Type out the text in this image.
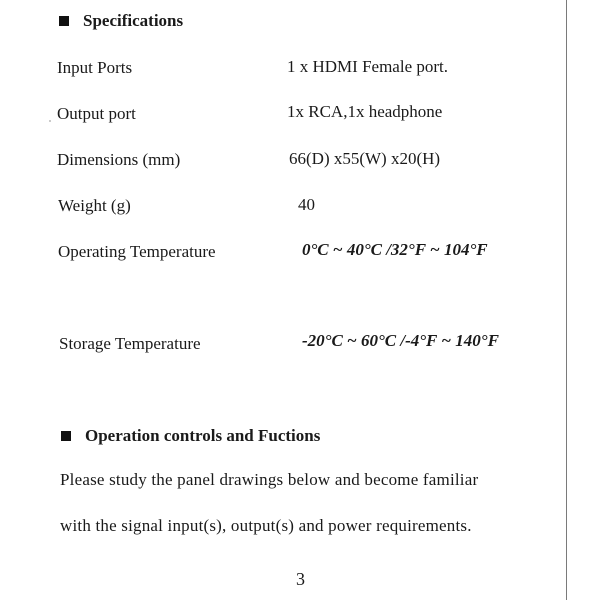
Specifications
Input Ports	1 x HDMI Female port.
Output port	1x RCA,1x headphone
Dimensions (mm)	66(D) x55(W) x20(H)
Weight (g)	40
Operating Temperature	0°C ~ 40°C /32°F ~ 104°F
Storage Temperature	-20°C ~ 60°C /-4°F ~ 140°F
Operation controls and Fuctions
Please study the panel drawings below and become familiar
with the signal input(s), output(s) and power requirements.
3
